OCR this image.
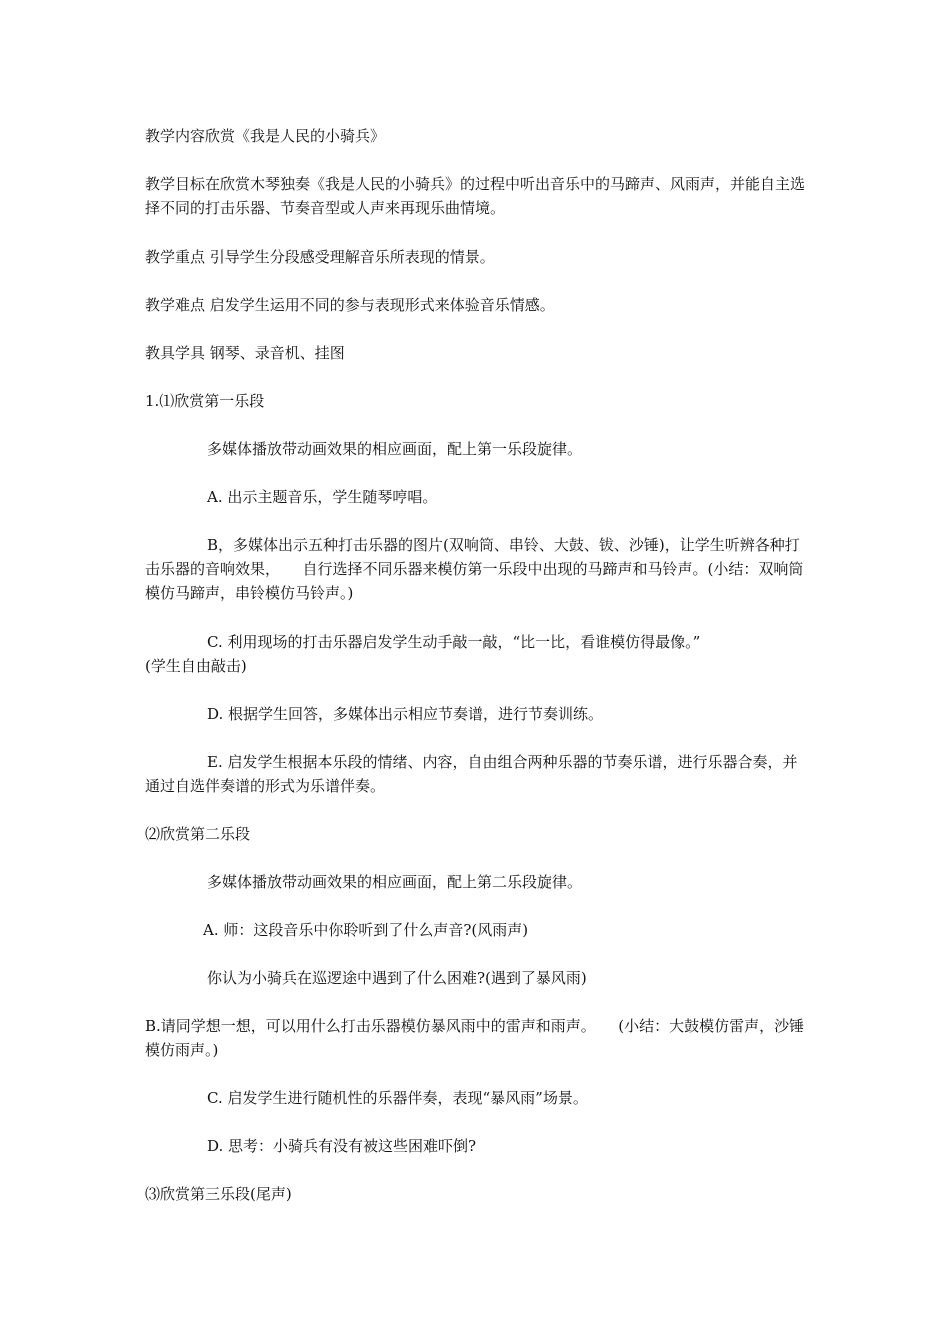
教学内容欣赏《我是人民的小骑兵》
教学目标在欣赏木琴独奏《我是人民的小骑兵》的过程中听出音乐中的马蹄声、风雨声，并能自主选择不同的打击乐器、节奏音型或人声来再现乐曲情境。
教学重点 引导学生分段感受理解音乐所表现的情景。
教学难点 启发学生运用不同的参与表现形式来体验音乐情感。
教具学具 钢琴、录音机、挂图
1.⑴欣赏第一乐段
多媒体播放带动画效果的相应画面，配上第一乐段旋律。
A. 出示主题音乐，学生随琴哼唱。
B，多媒体出示五种打击乐器的图片(双响筒、串铃、大鼓、钹、沙锤)，让学生听辨各种打击乐器的音响效果，　　自行选择不同乐器来模仿第一乐段中出现的马蹄声和马铃声。(小结：双响筒模仿马蹄声，串铃模仿马铃声。)
C. 利用现场的打击乐器启发学生动手敲一敲，“比一比，看谁模仿得最像。”
(学生自由敲击)
D. 根据学生回答，多媒体出示相应节奏谱，进行节奏训练。
E. 启发学生根据本乐段的情绪、内容，自由组合两种乐器的节奏乐谱，进行乐器合奏，并通过自选伴奏谱的形式为乐谱伴奏。
⑵欣赏第二乐段
多媒体播放带动画效果的相应画面，配上第二乐段旋律。
A. 师：这段音乐中你聆听到了什么声音?(风雨声)
你认为小骑兵在巡逻途中遇到了什么困难?(遇到了暴风雨)
B.请同学想一想，可以用什么打击乐器模仿暴风雨中的雷声和雨声。　　(小结：大鼓模仿雷声，沙锤模仿雨声。)
C. 启发学生进行随机性的乐器伴奏，表现“暴风雨”场景。
D. 思考：小骑兵有没有被这些困难吓倒?
⑶欣赏第三乐段(尾声)
